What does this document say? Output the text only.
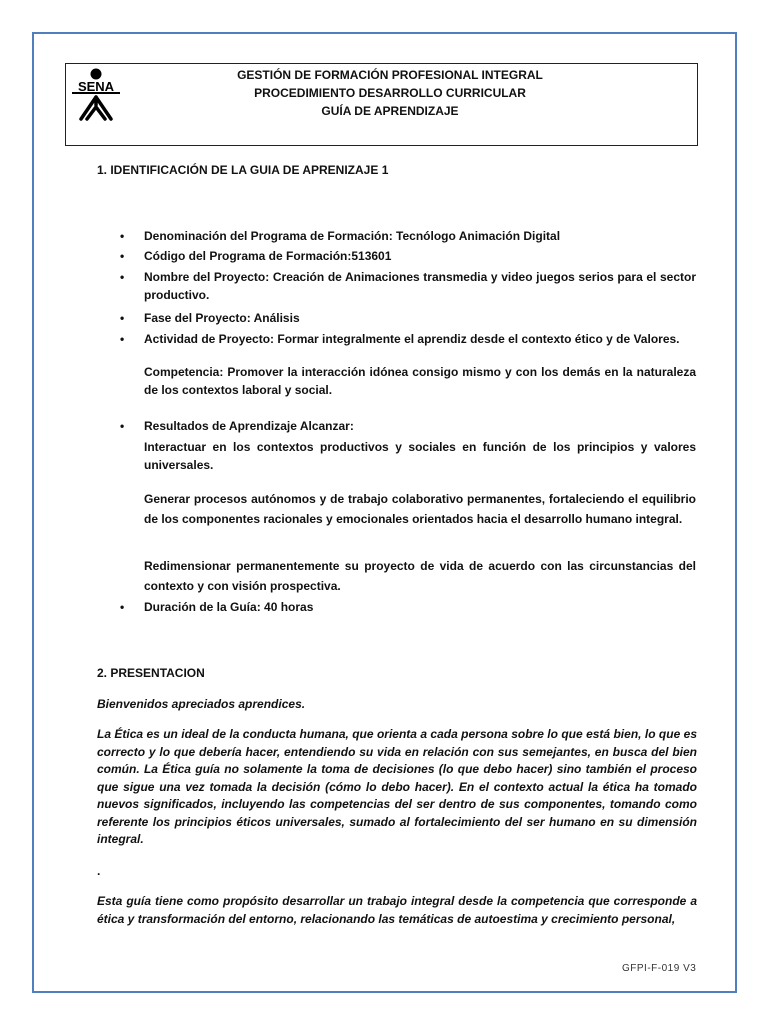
SENA
GESTIÓN DE FORMACIÓN PROFESIONAL INTEGRAL
PROCEDIMIENTO DESARROLLO CURRICULAR
GUÍA DE APRENDIZAJE
1. IDENTIFICACIÓN DE LA GUIA DE APRENIZAJE 1
•	Denominación del Programa de Formación: Tecnólogo Animación Digital
•	Código del Programa de Formación:513601
•	Nombre del Proyecto: Creación de Animaciones transmedia y video juegos serios para el sector productivo.
•	Fase del Proyecto: Análisis
•	Actividad de Proyecto: Formar integralmente el aprendiz desde el contexto ético y de Valores.
Competencia: Promover la interacción idónea consigo mismo y con los demás en la naturaleza de los contextos laboral y social.
•	Resultados de Aprendizaje Alcanzar:
Interactuar en los contextos productivos y sociales en función de los principios y valores universales.
Generar procesos autónomos y de trabajo colaborativo permanentes, fortaleciendo el equilibrio de los componentes racionales y emocionales orientados hacia el desarrollo humano integral.
Redimensionar permanentemente su proyecto de vida de acuerdo con las circunstancias del contexto y con visión prospectiva.
•	Duración de la Guía: 40 horas
2. PRESENTACION
Bienvenidos apreciados aprendices.
La Ética es un ideal de la conducta humana, que orienta a cada persona sobre lo que está bien, lo que es correcto y lo que debería hacer, entendiendo su vida en relación con sus semejantes, en busca del bien común. La Ética guía no solamente la toma de decisiones (lo que debo hacer) sino también el proceso que sigue una vez tomada la decisión (cómo lo debo hacer). En el contexto actual la ética ha tomado nuevos significados, incluyendo las competencias del ser dentro de sus componentes, tomando como referente los principios éticos universales, sumado al fortalecimiento del ser humano en su dimensión integral.
.
Esta guía tiene como propósito desarrollar un trabajo integral desde la competencia que corresponde a ética y transformación del entorno, relacionando las temáticas de autoestima y crecimiento personal,
GFPI-F-019 V3
